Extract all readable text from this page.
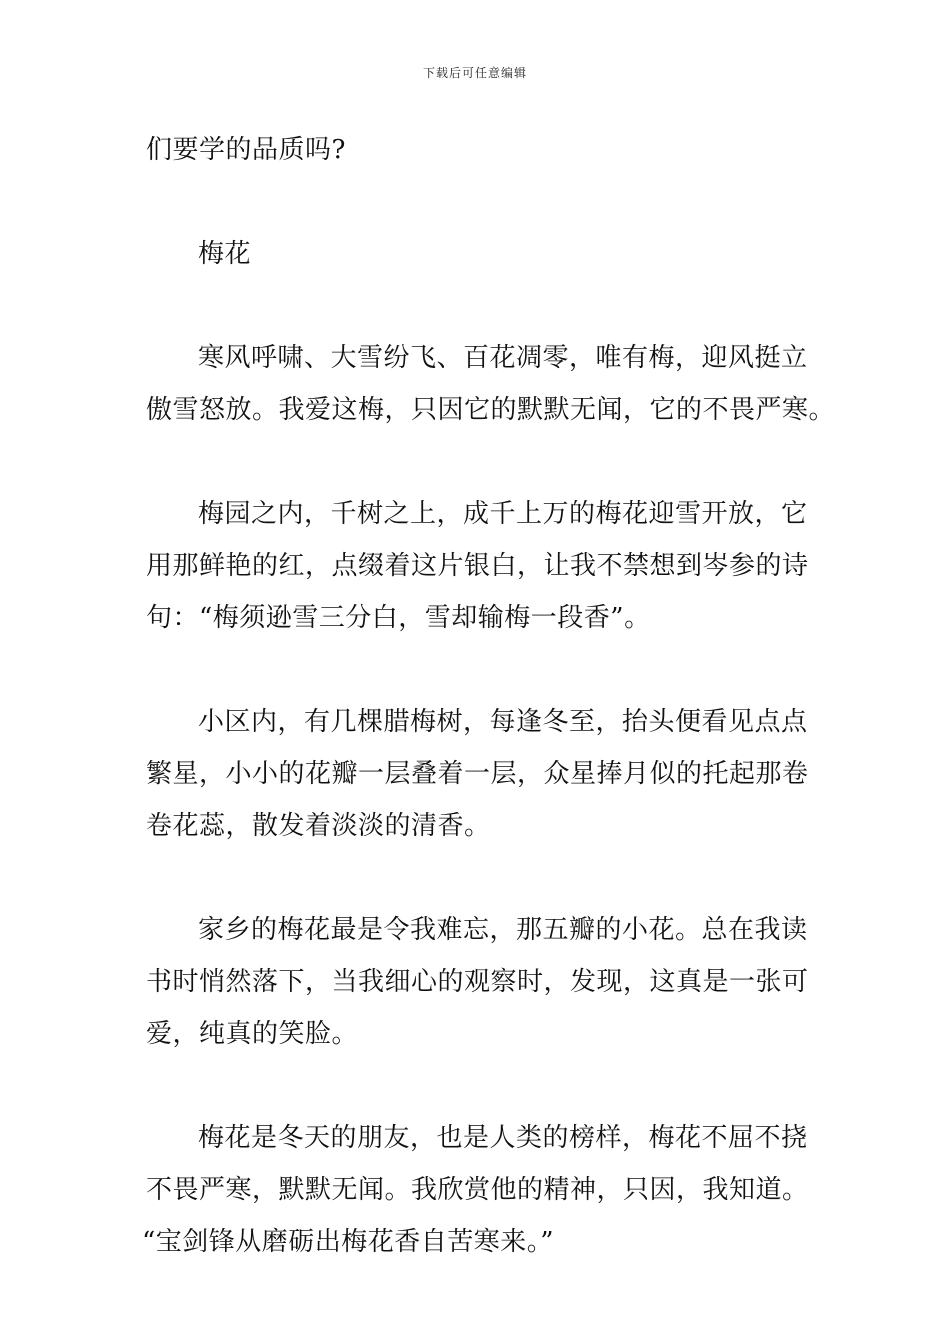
下载后可任意编辑
们要学的品质吗?
梅花
寒风呼啸、大雪纷飞、百花凋零，唯有梅，迎风挺立
傲雪怒放。我爱这梅，只因它的默默无闻，它的不畏严寒。
梅园之内，千树之上，成千上万的梅花迎雪开放，它
用那鲜艳的红，点缀着这片银白，让我不禁想到岑参的诗
句：“梅须逊雪三分白，雪却输梅一段香”。
小区内，有几棵腊梅树，每逢冬至，抬头便看见点点
繁星，小小的花瓣一层叠着一层，众星捧月似的托起那卷
卷花蕊，散发着淡淡的清香。
家乡的梅花最是令我难忘，那五瓣的小花。总在我读
书时悄然落下，当我细心的观察时，发现，这真是一张可
爱，纯真的笑脸。
梅花是冬天的朋友，也是人类的榜样，梅花不屈不挠
不畏严寒，默默无闻。我欣赏他的精神，只因，我知道。
“宝剑锋从磨砺出梅花香自苦寒来。”
